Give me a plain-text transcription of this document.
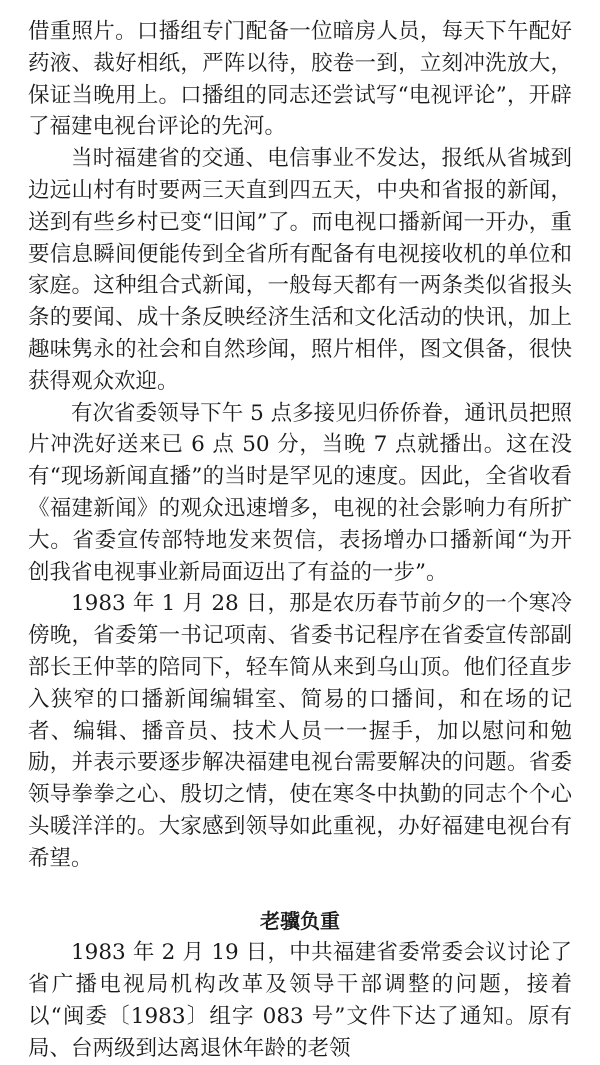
借重照片。口播组专门配备一位暗房人员，每天下午配好药液、裁好相纸，严阵以待，胶卷一到，立刻冲洗放大，保证当晚用上。口播组的同志还尝试写“电视评论”，开辟了福建电视台评论的先河。

当时福建省的交通、电信事业不发达，报纸从省城到边远山村有时要两三天直到四五天，中央和省报的新闻，送到有些乡村已变“旧闻”了。而电视口播新闻一开办，重要信息瞬间便能传到全省所有配备有电视接收机的单位和家庭。这种组合式新闻，一般每天都有一两条类似省报头条的要闻、成十条反映经济生活和文化活动的快讯，加上趣味隽永的社会和自然珍闻，照片相伴，图文俱备，很快获得观众欢迎。

有次省委领导下午 5 点多接见归侨侨眷，通讯员把照片冲洗好送来已 6 点 50 分，当晚 7 点就播出。这在没有“现场新闻直播”的当时是罕见的速度。因此，全省收看《福建新闻》的观众迅速增多，电视的社会影响力有所扩大。省委宣传部特地发来贺信，表扬增办口播新闻“为开创我省电视事业新局面迈出了有益的一步”。

1983 年 1 月 28 日，那是农历春节前夕的一个寒冷傍晚，省委第一书记项南、省委书记程序在省委宣传部副部长王仲莘的陪同下，轻车简从来到乌山顶。他们径直步入狭窄的口播新闻编辑室、简易的口播间，和在场的记者、编辑、播音员、技术人员一一握手，加以慰问和勉励，并表示要逐步解决福建电视台需要解决的问题。省委领导拳拳之心、殷切之情，使在寒冬中执勤的同志个个心头暖洋洋的。大家感到领导如此重视，办好福建电视台有希望。

老骥负重

1983 年 2 月 19 日，中共福建省委常委会议讨论了省广播电视局机构改革及领导干部调整的问题，接着以“闽委〔1983〕组字 083 号”文件下达了通知。原有局、台两级到达离退休年龄的老领
